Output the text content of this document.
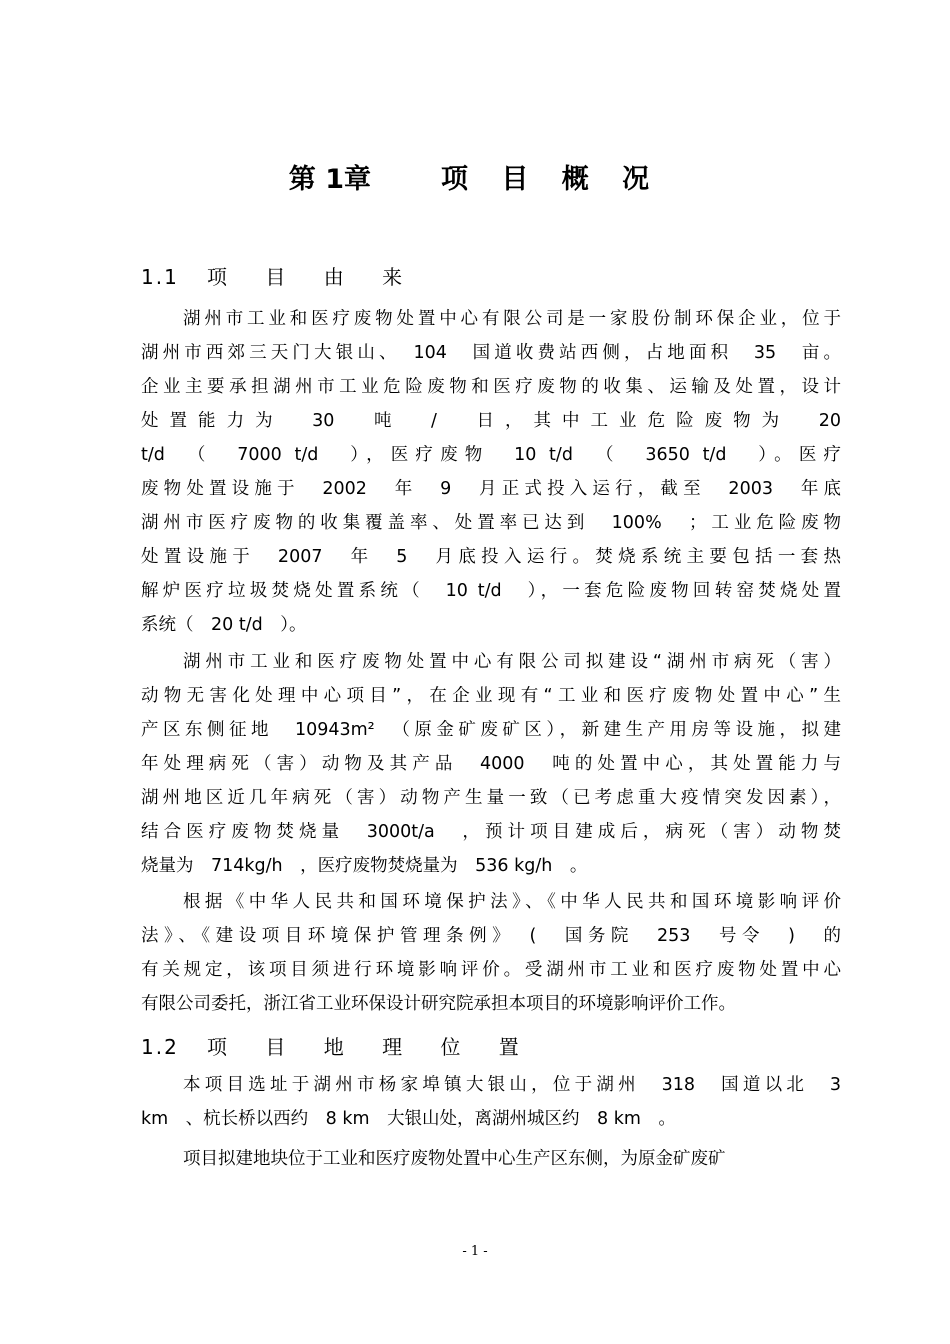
第 1章	项 目 概 况
1.1 项 目 由 来
湖州市工业和医疗废物处置中心有限公司是一家股份制环保企业，位于
湖州市西郊三天门大银山、　104　国道收费站西侧，占地面积　35　亩。
企业主要承担湖州市工业危险废物和医疗废物的收集、运输及处置，设计
处置能力为　30　吨　/　日，其中工业危险废物为　20
t/d　（　7000 t/d　），医疗废物　10 t/d　（　3650 t/d　）。医疗
废物处置设施于　2002　年　9　月正式投入运行，截至　2003　年底
湖州市医疗废物的收集覆盖率、处置率已达到　100%　；工业危险废物
处置设施于　2007　年　5　月底投入运行。焚烧系统主要包括一套热
解炉医疗垃圾焚烧处置系统（　10 t/d　），一套危险废物回转窑焚烧处置
系统（　20 t/d　）。
湖州市工业和医疗废物处置中心有限公司拟建设“湖州市病死（害）
动物无害化处理中心项目”，在企业现有“工业和医疗废物处置中心”生
产区东侧征地　10943m²　（原金矿废矿区），新建生产用房等设施，拟建
年处理病死（害）动物及其产品　4000　吨的处置中心，其处置能力与
湖州地区近几年病死（害）动物产生量一致（已考虑重大疫情突发因素），
结合医疗废物焚烧量　3000t/a　，预计项目建成后，病死（害）动物焚
烧量为　714kg/h　，医疗废物焚烧量为　536 kg/h　。
根据《中华人民共和国环境保护法》、《中华人民共和国环境影响评价
法》、《建设项目环境保护管理条例》　(　国务院　253　号令　)　的
有关规定，该项目须进行环境影响评价。受湖州市工业和医疗废物处置中心
有限公司委托，浙江省工业环保设计研究院承担本项目的环境影响评价工作。
1.2 项 目 地 理 位 置
本项目选址于湖州市杨家埠镇大银山，位于湖州　318　国道以北　3
km　、杭长桥以西约　8 km　大银山处，离湖州城区约　8 km　。
项目拟建地块位于工业和医疗废物处置中心生产区东侧，为原金矿废矿
- 1 -
